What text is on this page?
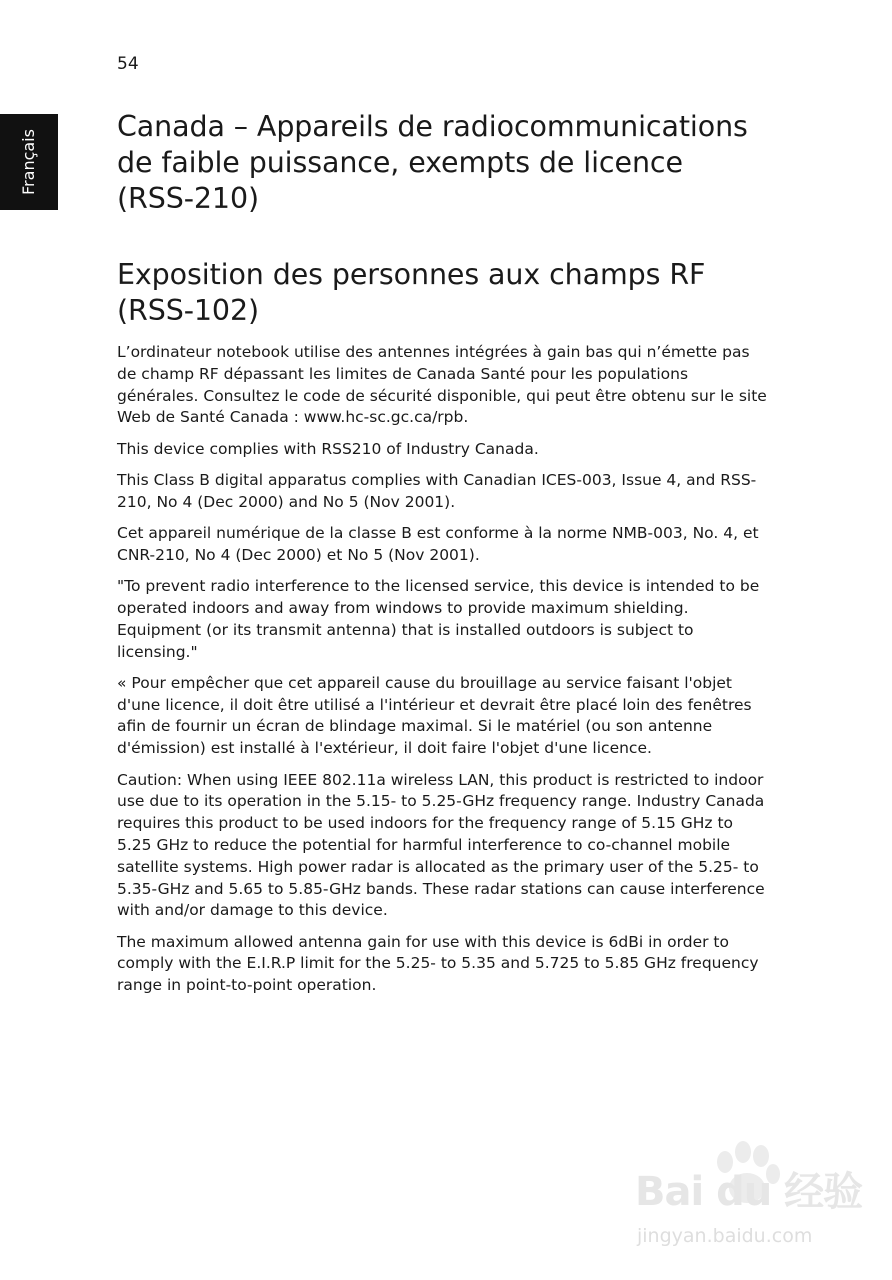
54
Français
Canada – Appareils de radiocommunications de faible puissance, exempts de licence (RSS-210)
Exposition des personnes aux champs RF (RSS-102)

L’ordinateur notebook utilise des antennes intégrées à gain bas qui n’émette pas de champ RF dépassant les limites de Canada Santé pour les populations générales. Consultez le code de sécurité disponible, qui peut être obtenu sur le site Web de Santé Canada : www.hc-sc.gc.ca/rpb.

This device complies with RSS210 of Industry Canada.

This Class B digital apparatus complies with Canadian ICES-003, Issue 4, and RSS-210, No 4 (Dec 2000) and No 5 (Nov 2001).

Cet appareil numérique de la classe B est conforme à la norme NMB-003, No. 4, et CNR-210, No 4 (Dec 2000) et No 5 (Nov 2001).

"To prevent radio interference to the licensed service, this device is intended to be operated indoors and away from windows to provide maximum shielding. Equipment (or its transmit antenna) that is installed outdoors is subject to licensing."

« Pour empêcher que cet appareil cause du brouillage au service faisant l'objet d'une licence, il doit être utilisé a l'intérieur et devrait être placé loin des fenêtres afin de fournir un écran de blindage maximal. Si le matériel (ou son antenne d'émission) est installé à l'extérieur, il doit faire l'objet d'une licence.

Caution: When using IEEE 802.11a wireless LAN, this product is restricted to indoor use due to its operation in the 5.15- to 5.25-GHz frequency range. Industry Canada requires this product to be used indoors for the frequency range of 5.15 GHz to 5.25 GHz to reduce the potential for harmful interference to co-channel mobile satellite systems. High power radar is allocated as the primary user of the 5.25- to 5.35-GHz and 5.65 to 5.85-GHz bands. These radar stations can cause interference with and/or damage to this device.

The maximum allowed antenna gain for use with this device is 6dBi in order to comply with the E.I.R.P limit for the 5.25- to 5.35 and 5.725 to 5.85 GHz frequency range in point-to-point operation.

Bai du 经验
jingyan.baidu.com
